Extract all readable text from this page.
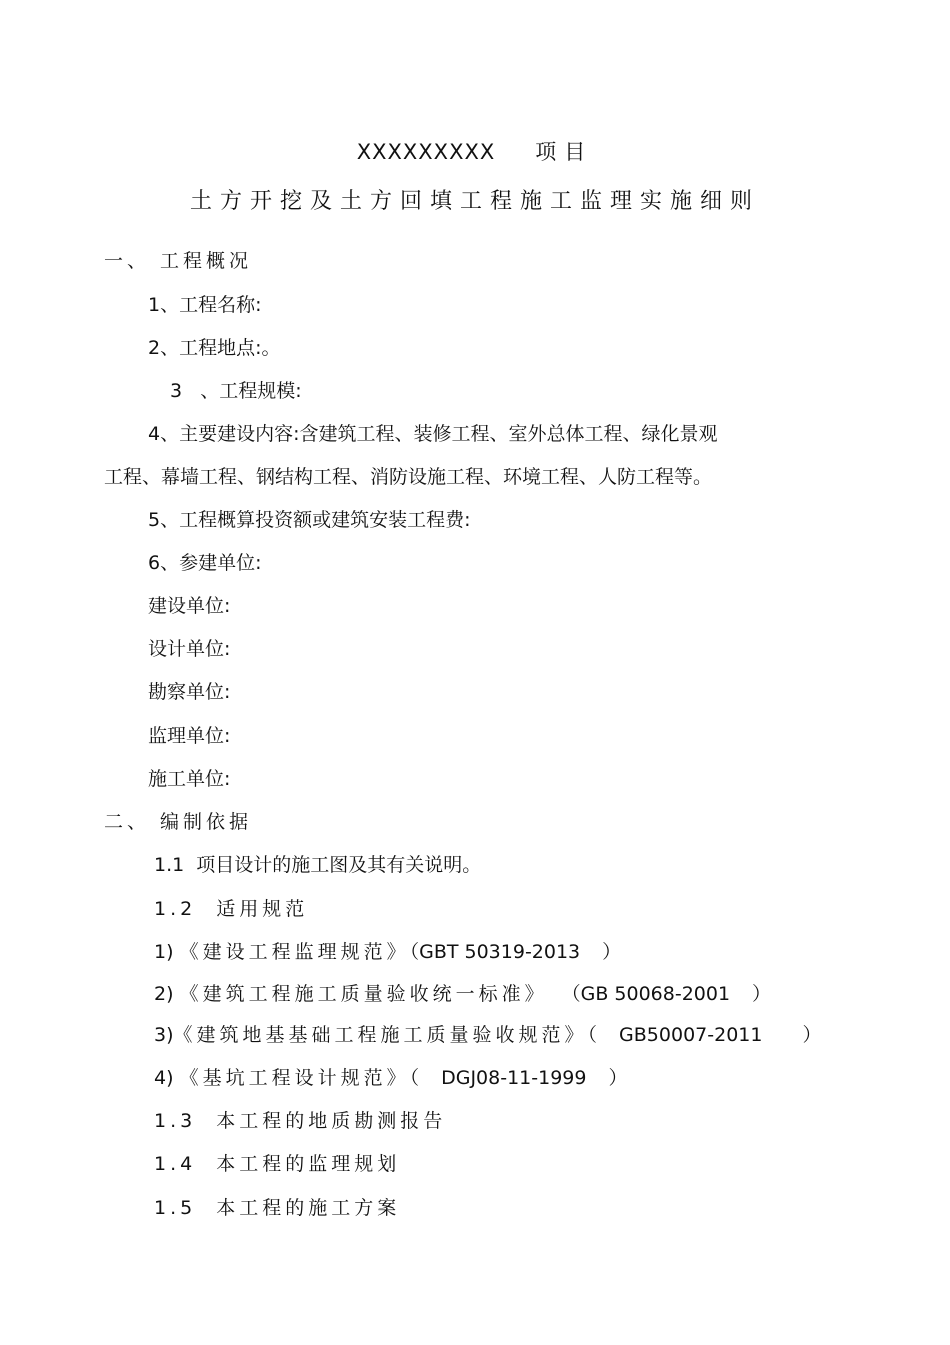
XXXXXXXXX 项目
土方开挖及土方回填工程施工监理实施细则
一、 工程概况
1、工程名称:
2、工程地点:。
3   、工程规模:
4、主要建设内容:含建筑工程、装修工程、室外总体工程、绿化景观
工程、幕墙工程、钢结构工程、消防设施工程、环境工程、人防工程等。
5、工程概算投资额或建筑安装工程费:
6、参建单位:
建设单位:
设计单位:
勘察单位:
监理单位:
施工单位:
二、 编制依据
1.1  项目设计的施工图及其有关说明。
1.2  适用规范
1) 《建设工程监理规范》（GBT 50319-2013 ）
2) 《建筑工程施工质量验收统一标准》 （GB 50068-2001 ）
3)《建筑地基基础工程施工质量验收规范》（ GB50007-2011 ）
4) 《基坑工程设计规范》（ DGJ08-11-1999 ）
1.3  本工程的地质勘测报告
1.4  本工程的监理规划
1.5  本工程的施工方案
